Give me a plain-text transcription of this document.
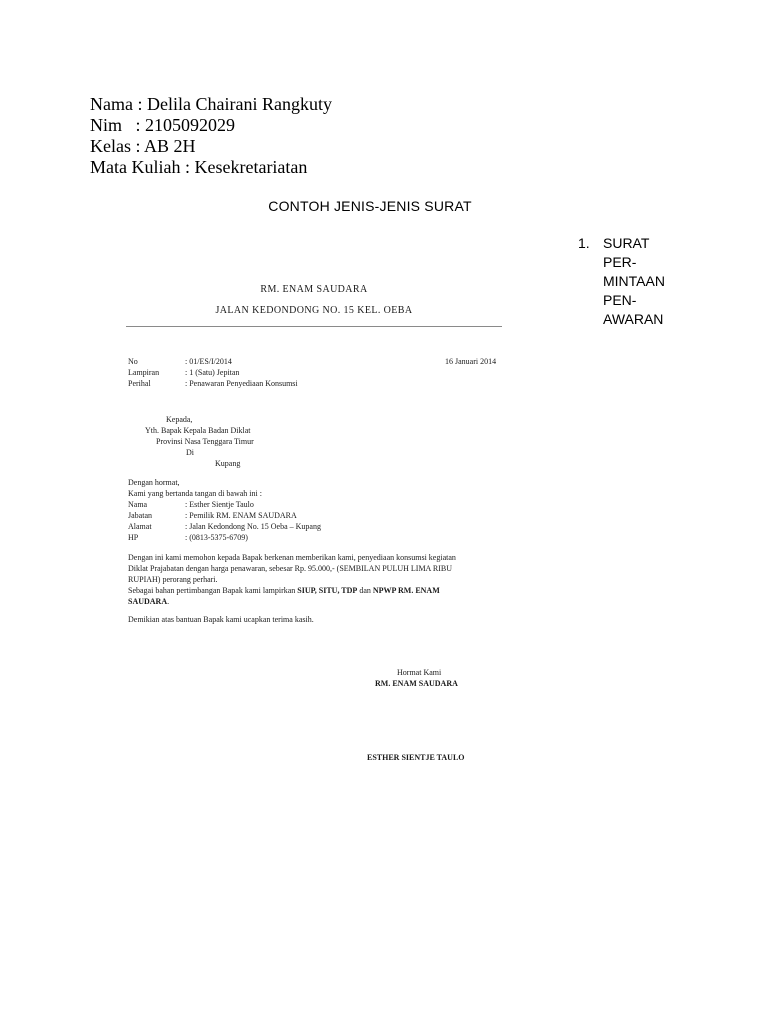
Nama : Delila Chairani Rangkuty
Nim   : 2105092029
Kelas : AB 2H
Mata Kuliah : Kesekretariatan
CONTOH JENIS-JENIS SURAT
1. SURAT
PER-
MINTAAN
PEN-
AWARAN
RM. ENAM SAUDARA
JALAN KEDONDONG NO. 15 KEL. OEBA
No	: 01/ES/I/2014
Lampiran	: 1 (Satu) Jepitan
Perihal	: Penawaran Penyediaan Konsumsi
16 Januari 2014
Kepada,
Yth. Bapak Kepala Badan Diklat
Provinsi Nasa Tenggara Timur
Di
Kupang
Dengan hormat,
Kami yang bertanda tangan di bawah ini :
Nama	: Esther Sientje Taulo
Jabatan	: Pemilik RM. ENAM SAUDARA
Alamat	: Jalan Kedondong No. 15 Oeba – Kupang
HP	: (0813-5375-6709)
Dengan ini kami memohon kepada Bapak berkenan memberikan kami, penyediaan konsumsi kegiatan
Diklat Prajabatan dengan harga penawaran, sebesar Rp. 95.000,- (SEMBILAN PULUH LIMA RIBU
RUPIAH) perorang perhari.
Sebagai bahan pertimbangan Bapak kami lampirkan SIUP, SITU, TDP dan NPWP RM. ENAM
SAUDARA.
Demikian atas bantuan Bapak kami ucapkan terima kasih.
Hormat Kami
RM. ENAM SAUDARA
ESTHER SIENTJE TAULO
